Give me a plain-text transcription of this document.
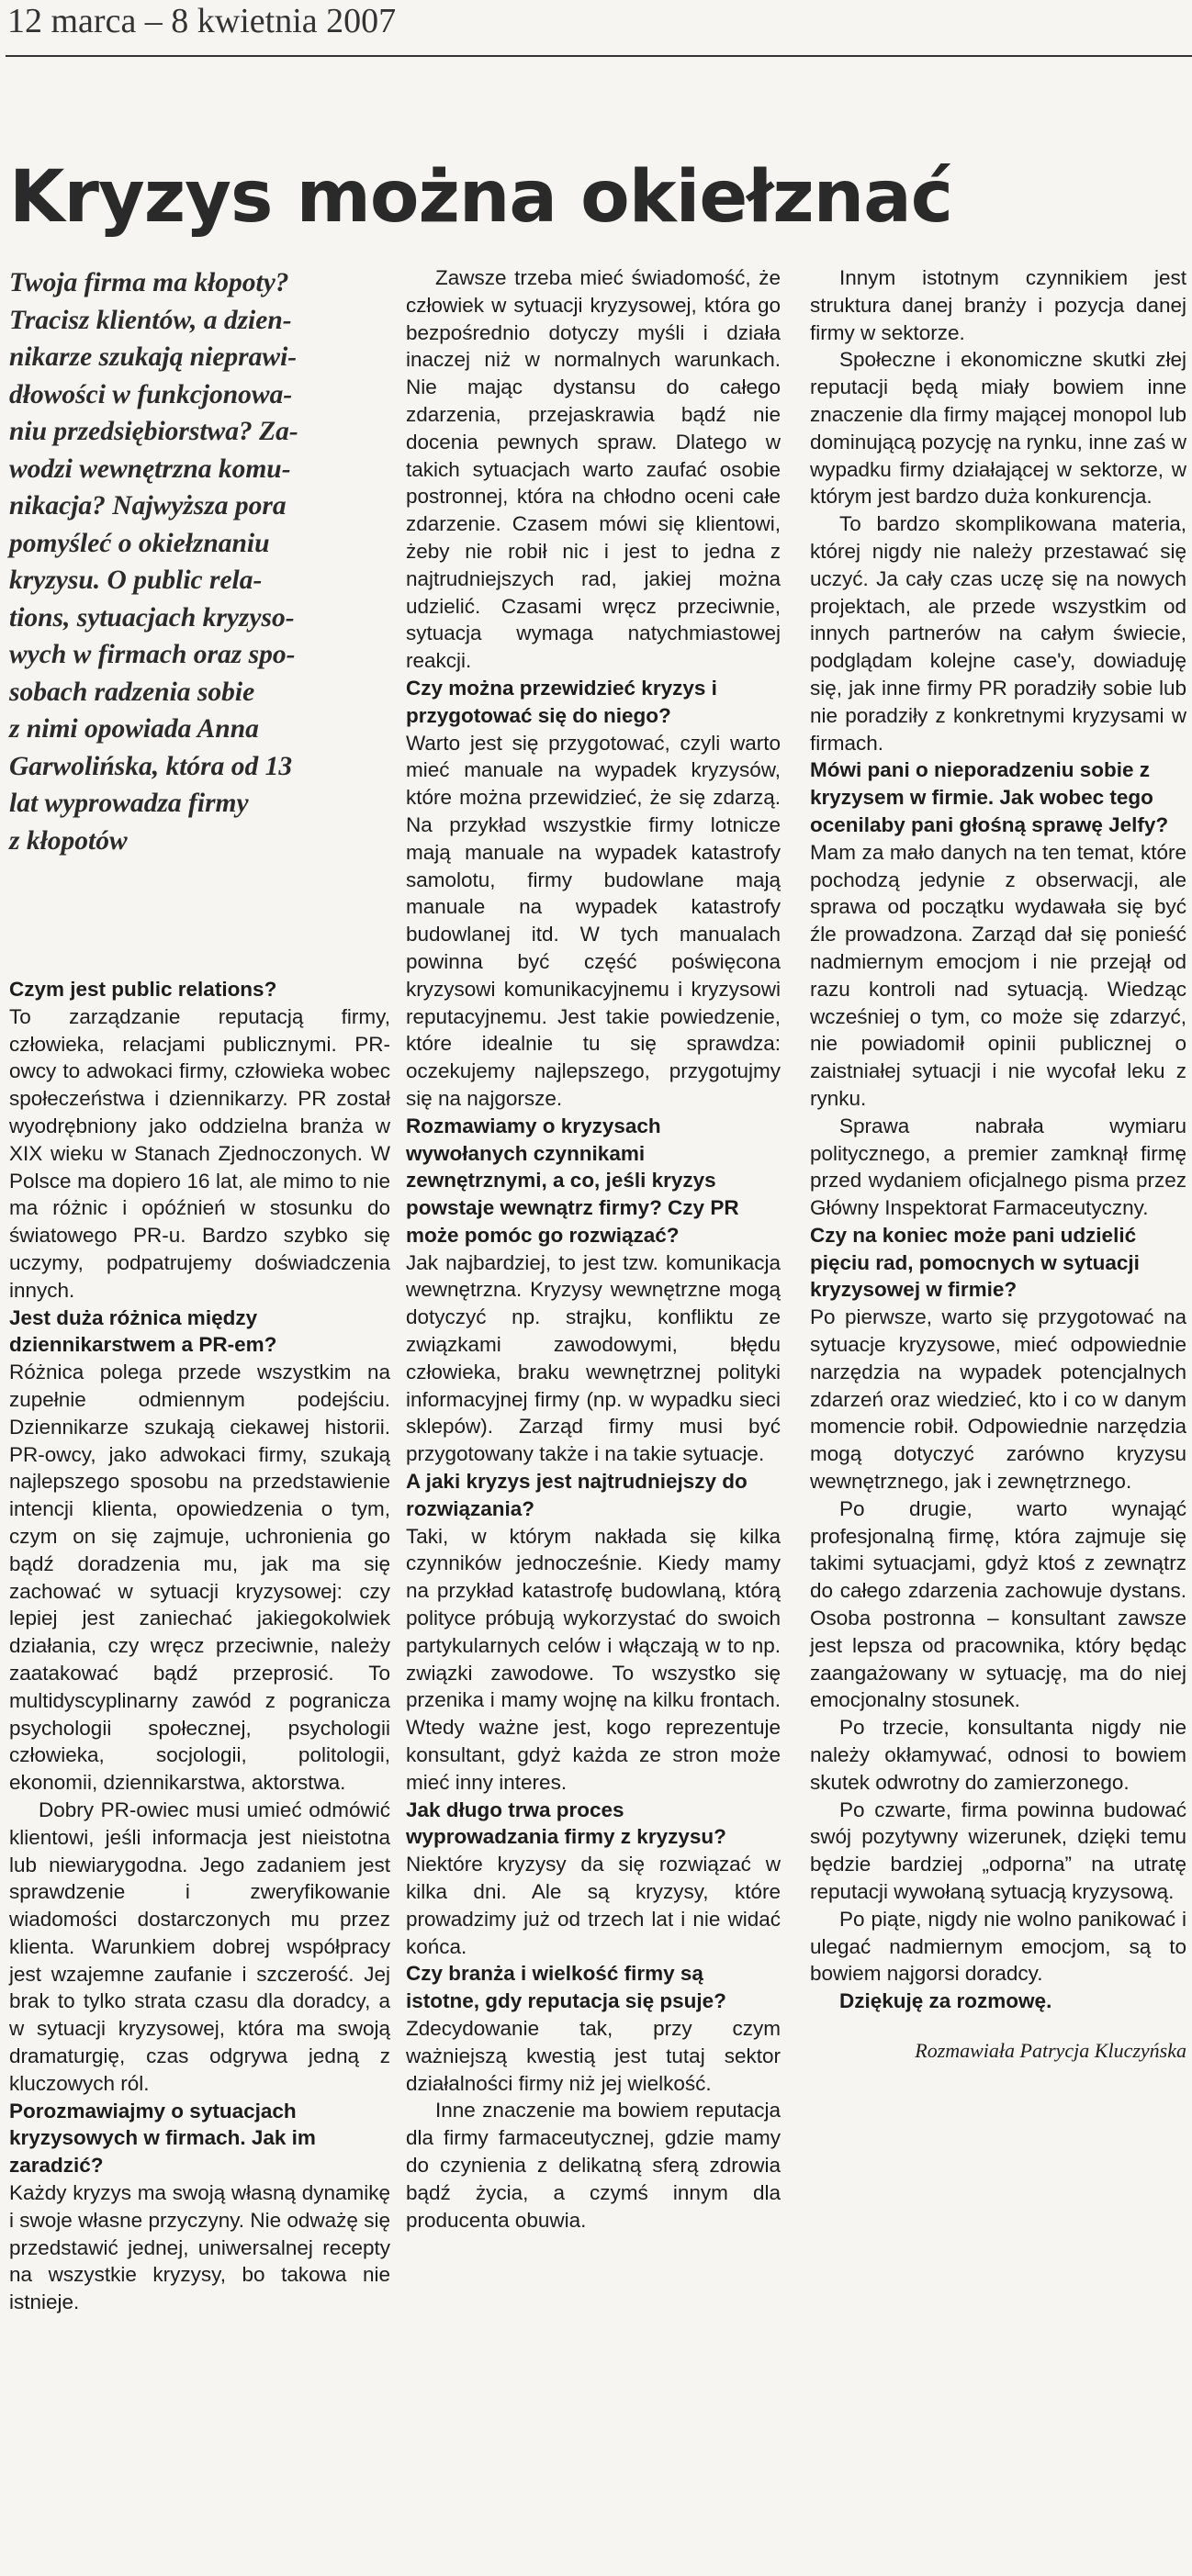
12 marca – 8 kwietnia 2007
Kryzys można okiełznać
Twoja firma ma kłopoty?
Tracisz klientów, a dzien-
nikarze szukają nieprawi-
dłowości w funkcjonowa-
niu przedsiębiorstwa? Za-
wodzi wewnętrzna komu-
nikacja? Najwyższa pora
pomyśleć o okiełznaniu
kryzysu. O public rela-
tions, sytuacjach kryzyso-
wych w firmach oraz spo-
sobach radzenia sobie
z nimi opowiada Anna
Garwolińska, która od 13
lat wyprowadza firmy
z kłopotów
Czym jest public relations?

To zarządzanie reputacją firmy, człowieka, relacjami publicznymi. PR-owcy to adwokaci firmy, człowieka wobec społeczeństwa i dziennikarzy. PR został wyodrębniony jako oddzielna branża w XIX wieku w Stanach Zjednoczonych. W Polsce ma dopiero 16 lat, ale mimo to nie ma różnic i opóźnień w stosunku do światowego PR-u. Bardzo szybko się uczymy, podpatrujemy doświadczenia innych.

Jest duża różnica między dziennikarstwem a PR-em?

Różnica polega przede wszystkim na zupełnie odmiennym podejściu. Dziennikarze szukają ciekawej historii. PR-owcy, jako adwokaci firmy, szukają najlepszego sposobu na przedstawienie intencji klienta, opowiedzenia o tym, czym on się zajmuje, uchronienia go bądź doradzenia mu, jak ma się zachować w sytuacji kryzysowej: czy lepiej jest zaniechać jakiegokolwiek działania, czy wręcz przeciwnie, należy zaatakować bądź przeprosić. To multidyscyplinarny zawód z pogranicza psychologii społecznej, psychologii człowieka, socjologii, politologii, ekonomii, dziennikarstwa, aktorstwa.

Dobry PR-owiec musi umieć odmówić klientowi, jeśli informacja jest nieistotna lub niewiarygodna. Jego zadaniem jest sprawdzenie i zweryfikowanie wiadomości dostarczonych mu przez klienta. Warunkiem dobrej współpracy jest wzajemne zaufanie i szczerość. Jej brak to tylko strata czasu dla doradcy, a w sytuacji kryzysowej, która ma swoją dramaturgię, czas odgrywa jedną z kluczowych ról.

Porozmawiajmy o sytuacjach kryzysowych w firmach. Jak im zaradzić?

Każdy kryzys ma swoją własną dynamikę i swoje własne przyczyny. Nie odważę się przedstawić jednej, uniwersalnej recepty na wszystkie kryzysy, bo takowa nie istnieje.

Zawsze trzeba mieć świadomość, że człowiek w sytuacji kryzysowej, która go bezpośrednio dotyczy myśli i działa inaczej niż w normalnych warunkach. Nie mając dystansu do całego zdarzenia, przejaskrawia bądź nie docenia pewnych spraw. Dlatego w takich sytuacjach warto zaufać osobie postronnej, która na chłodno oceni całe zdarzenie. Czasem mówi się klientowi, żeby nie robił nic i jest to jedna z najtrudniejszych rad, jakiej można udzielić. Czasami wręcz przeciwnie, sytuacja wymaga natychmiastowej reakcji.

Czy można przewidzieć kryzys i przygotować się do niego?

Warto jest się przygotować, czyli warto mieć manuale na wypadek kryzysów, które można przewidzieć, że się zdarzą. Na przykład wszystkie firmy lotnicze mają manuale na wypadek katastrofy samolotu, firmy budowlane mają manuale na wypadek katastrofy budowlanej itd. W tych manualach powinna być część poświęcona kryzysowi komunikacyjnemu i kryzysowi reputacyjnemu. Jest takie powiedzenie, które idealnie tu się sprawdza: oczekujemy najlepszego, przygotujmy się na najgorsze.

Rozmawiamy o kryzysach wywołanych czynnikami zewnętrznymi, a co, jeśli kryzys powstaje wewnątrz firmy? Czy PR może pomóc go rozwiązać?

Jak najbardziej, to jest tzw. komunikacja wewnętrzna. Kryzysy wewnętrzne mogą dotyczyć np. strajku, konfliktu ze związkami zawodowymi, błędu człowieka, braku wewnętrznej polityki informacyjnej firmy (np. w wypadku sieci sklepów). Zarząd firmy musi być przygotowany także i na takie sytuacje.

A jaki kryzys jest najtrudniejszy do rozwiązania?

Taki, w którym nakłada się kilka czynników jednocześnie. Kiedy mamy na przykład katastrofę budowlaną, którą polityce próbują wykorzystać do swoich partykularnych celów i włączają w to np. związki zawodowe. To wszystko się przenika i mamy wojnę na kilku frontach. Wtedy ważne jest, kogo reprezentuje konsultant, gdyż każda ze stron może mieć inny interes.

Jak długo trwa proces wyprowadzania firmy z kryzysu?

Niektóre kryzysy da się rozwiązać w kilka dni. Ale są kryzysy, które prowadzimy już od trzech lat i nie widać końca.

Czy branża i wielkość firmy są istotne, gdy reputacja się psuje?

Zdecydowanie tak, przy czym ważniejszą kwestią jest tutaj sektor działalności firmy niż jej wielkość.

Inne znaczenie ma bowiem reputacja dla firmy farmaceutycznej, gdzie mamy do czynienia z delikatną sferą zdrowia bądź życia, a czymś innym dla producenta obuwia.

Innym istotnym czynnikiem jest struktura danej branży i pozycja danej firmy w sektorze.

Społeczne i ekonomiczne skutki złej reputacji będą miały bowiem inne znaczenie dla firmy mającej monopol lub dominującą pozycję na rynku, inne zaś w wypadku firmy działającej w sektorze, w którym jest bardzo duża konkurencja.

To bardzo skomplikowana materia, której nigdy nie należy przestawać się uczyć. Ja cały czas uczę się na nowych projektach, ale przede wszystkim od innych partnerów na całym świecie, podglądam kolejne case'y, dowiaduję się, jak inne firmy PR poradziły sobie lub nie poradziły z konkretnymi kryzysami w firmach.

Mówi pani o nieporadzeniu sobie z kryzysem w firmie. Jak wobec tego ocenilaby pani głośną sprawę Jelfy?

Mam za mało danych na ten temat, które pochodzą jedynie z obserwacji, ale sprawa od początku wydawała się być źle prowadzona. Zarząd dał się ponieść nadmiernym emocjom i nie przejął od razu kontroli nad sytuacją. Wiedząc wcześniej o tym, co może się zdarzyć, nie powiadomił opinii publicznej o zaistniałej sytuacji i nie wycofał leku z rynku.

Sprawa nabrała wymiaru politycznego, a premier zamknął firmę przed wydaniem oficjalnego pisma przez Główny Inspektorat Farmaceutyczny.

Czy na koniec może pani udzielić pięciu rad, pomocnych w sytuacji kryzysowej w firmie?

Po pierwsze, warto się przygotować na sytuacje kryzysowe, mieć odpowiednie narzędzia na wypadek potencjalnych zdarzeń oraz wiedzieć, kto i co w danym momencie robił. Odpowiednie narzędzia mogą dotyczyć zarówno kryzysu wewnętrznego, jak i zewnętrznego.

Po drugie, warto wynająć profesjonalną firmę, która zajmuje się takimi sytuacjami, gdyż ktoś z zewnątrz do całego zdarzenia zachowuje dystans. Osoba postronna – konsultant zawsze jest lepsza od pracownika, który będąc zaangażowany w sytuację, ma do niej emocjonalny stosunek.

Po trzecie, konsultanta nigdy nie należy okłamywać, odnosi to bowiem skutek odwrotny do zamierzonego.

Po czwarte, firma powinna budować swój pozytywny wizerunek, dzięki temu będzie bardziej „odporna” na utratę reputacji wywołaną sytuacją kryzysową.

Po piąte, nigdy nie wolno panikować i ulegać nadmiernym emocjom, są to bowiem najgorsi doradcy.

Dziękuję za rozmowę.

Rozmawiała Patrycja Kluczyńska
